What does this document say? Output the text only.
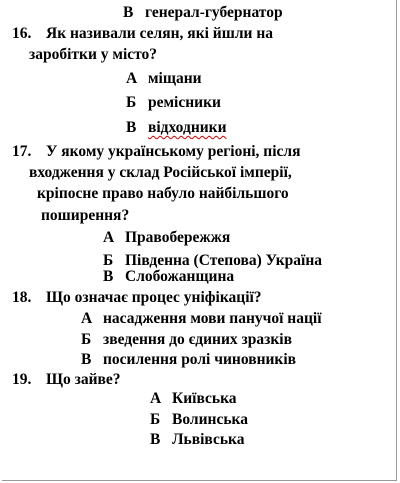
В генерал-губернатор
16. Як називали селян, які йшли на
заробітки у місто?
А міщани
Б ремісники
В відходники
17. У якому українському регіоні, після
входження у склад Російської імперії,
кріпосне право набуло найбільшого
поширення?
А Правобережжя
Б Південна (Степова) Україна
В Слобожанщина
18. Що означає процес уніфікації?
А насадження мови панучої нації
Б зведення до єдиних зразків
В посилення ролі чиновників
19. Що зайве?
А Київська
Б Волинська
В Львівська
